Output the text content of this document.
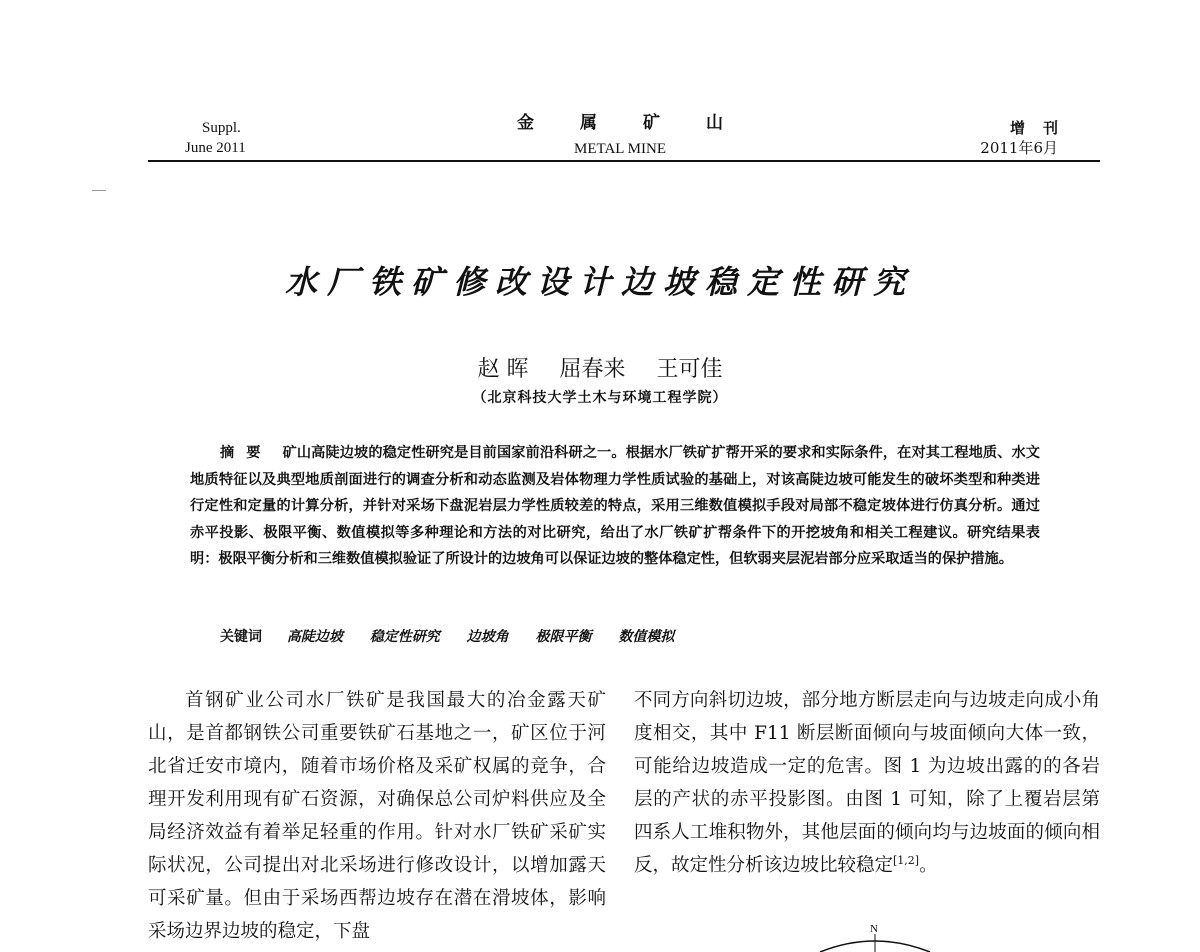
Suppl.
June 2011
金属矿山
METAL MINE
增刊
2011年6月
水厂铁矿修改设计边坡稳定性研究
赵 晖 屈春来 王可佳
（北京科技大学土木与环境工程学院）
摘要 矿山高陡边坡的稳定性研究是目前国家前沿科研之一。根据水厂铁矿扩帮开采的要求和实际条件，在对其工程地质、水文地质特征以及典型地质剖面进行的调查分析和动态监测及岩体物理力学性质试验的基础上，对该高陡边坡可能发生的破坏类型和种类进行定性和定量的计算分析，并针对采场下盘泥岩层力学性质较差的特点，采用三维数值模拟手段对局部不稳定坡体进行仿真分析。通过赤平投影、极限平衡、数值模拟等多种理论和方法的对比研究，给出了水厂铁矿扩帮条件下的开挖坡角和相关工程建议。研究结果表明：极限平衡分析和三维数值模拟验证了所设计的边坡角可以保证边坡的整体稳定性，但软弱夹层泥岩部分应采取适当的保护措施。
关键词 高陡边坡 稳定性研究 边坡角 极限平衡 数值模拟
首钢矿业公司水厂铁矿是我国最大的冶金露天矿山，是首都钢铁公司重要铁矿石基地之一，矿区位于河北省迁安市境内，随着市场价格及采矿权属的竞争，合理开发利用现有矿石资源，对确保总公司炉料供应及全局经济效益有着举足轻重的作用。针对水厂铁矿采矿实际状况，公司提出对北采场进行修改设计，以增加露天可采矿量。但由于采场西帮边坡存在潜在滑坡体，影响采场边界边坡的稳定，下盘
不同方向斜切边坡，部分地方断层走向与边坡走向成小角度相交，其中 F11 断层断面倾向与坡面倾向大体一致，可能给边坡造成一定的危害。图 1 为边坡出露的的各岩层的产状的赤平投影图。由图 1 可知，除了上覆岩层第四系人工堆积物外，其他层面的倾向均与边坡面的倾向相反，故定性分析该边坡比较稳定[1,2]。
N
